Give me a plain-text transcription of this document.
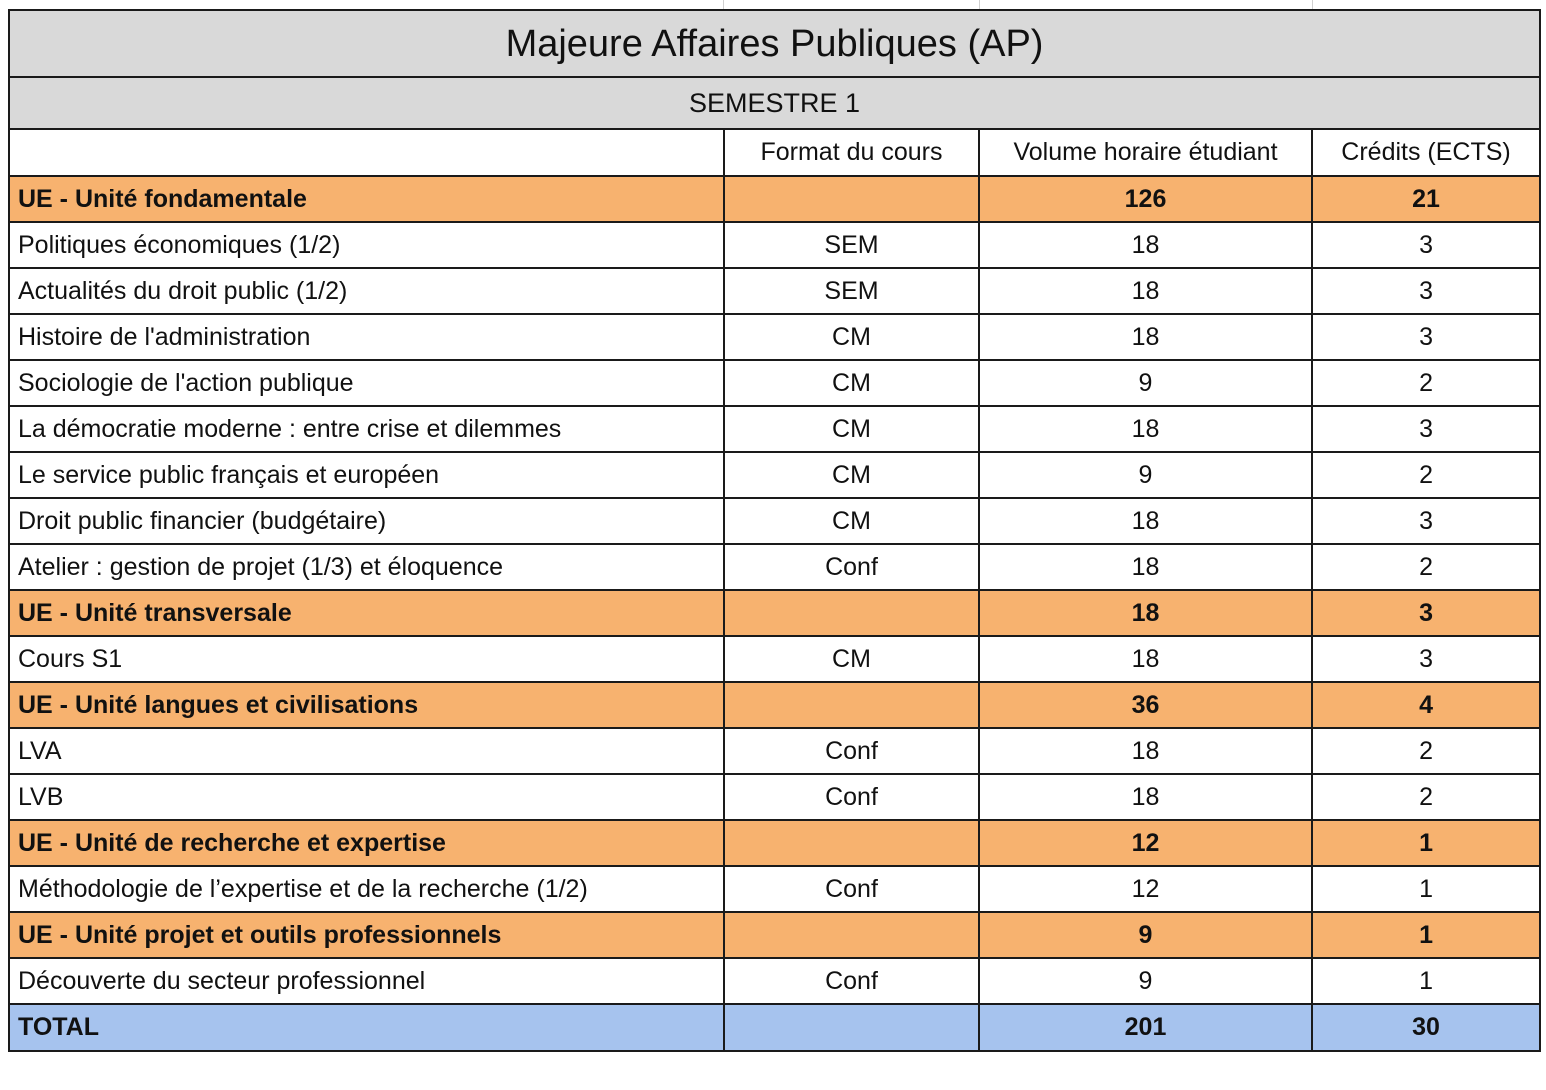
Majeure Affaires Publiques (AP)			
SEMESTRE 1			
	Format du cours	Volume horaire étudiant	Crédits (ECTS)
UE - Unité fondamentale		126	21
Politiques économiques (1/2)	SEM	18	3
Actualités du droit public (1/2)	SEM	18	3
Histoire de l'administration	CM	18	3
Sociologie de l'action publique	CM	9	2
La démocratie moderne : entre crise et dilemmes	CM	18	3
Le service public français et européen	CM	9	2
Droit public financier (budgétaire)	CM	18	3
Atelier : gestion de projet (1/3) et éloquence	Conf	18	2
UE - Unité transversale		18	3
Cours S1	CM	18	3
UE - Unité langues et civilisations		36	4
LVA	Conf	18	2
LVB	Conf	18	2
UE - Unité de recherche et expertise		12	1
Méthodologie de l’expertise et de la recherche (1/2)	Conf	12	1
UE - Unité projet et outils professionnels		9	1
Découverte du secteur professionnel	Conf	9	1
TOTAL		201	30
